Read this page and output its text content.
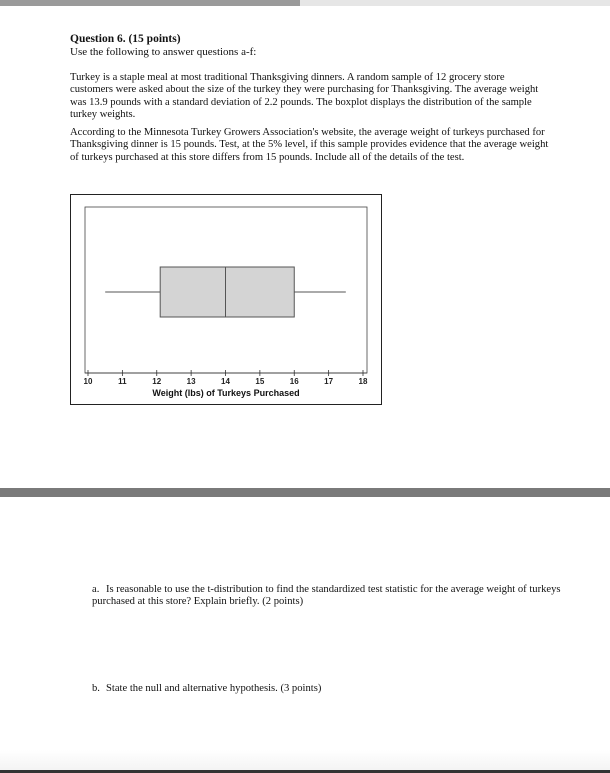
Question 6. (15 points)
Use the following to answer questions a-f:
Turkey is a staple meal at most traditional Thanksgiving dinners. A random sample of 12 grocery store customers were asked about the size of the turkey they were purchasing for Thanksgiving. The average weight was 13.9 pounds with a standard deviation of 2.2 pounds. The boxplot displays the distribution of the sample turkey weights.
According to the Minnesota Turkey Growers Association's website, the average weight of turkeys purchased for Thanksgiving dinner is 15 pounds. Test, at the 5% level, if this sample provides evidence that the average weight of turkeys purchased at this store differs from 15 pounds. Include all of the details of the test.
10	11	12	13	14	15	16	17	18
Weight (lbs) of Turkeys Purchased
a. Is reasonable to use the t-distribution to find the standardized test statistic for the average weight of turkeys purchased at this store? Explain briefly. (2 points)
b. State the null and alternative hypothesis. (3 points)
